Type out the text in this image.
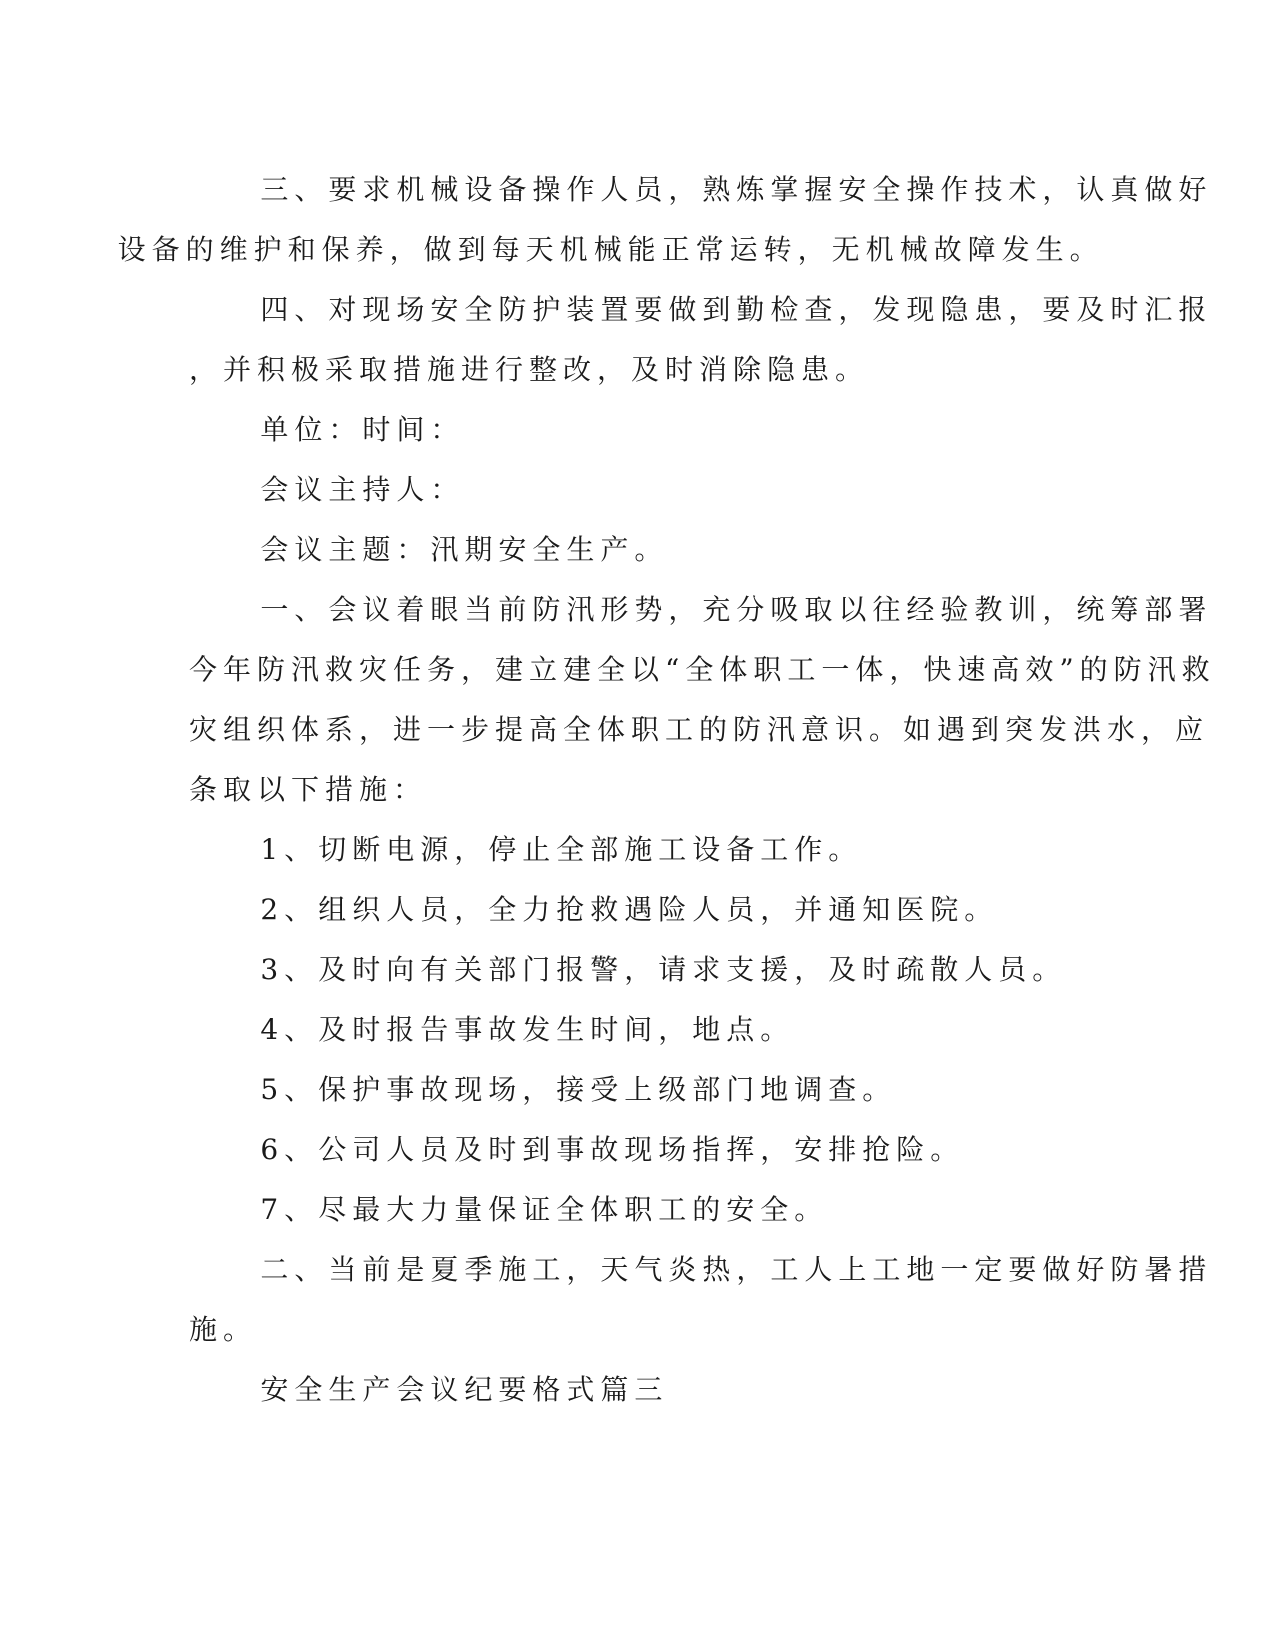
三、要求机械设备操作人员，熟炼掌握安全操作技术，认真做好
设备的维护和保养，做到每天机械能正常运转，无机械故障发生。

四、对现场安全防护装置要做到勤检查，发现隐患，要及时汇报
，并积极采取措施进行整改，及时消除隐患。

单位：时间：

会议主持人：

会议主题：汛期安全生产。

一、会议着眼当前防汛形势，充分吸取以往经验教训，统筹部署
今年防汛救灾任务，建立建全以“全体职工一体，快速高效”的防汛救
灾组织体系，进一步提高全体职工的防汛意识。如遇到突发洪水，应
条取以下措施：

1、切断电源，停止全部施工设备工作。

2、组织人员，全力抢救遇险人员，并通知医院。

3、及时向有关部门报警，请求支援，及时疏散人员。

4、及时报告事故发生时间，地点。

5、保护事故现场，接受上级部门地调查。

6、公司人员及时到事故现场指挥，安排抢险。

7、尽最大力量保证全体职工的安全。

二、当前是夏季施工，天气炎热，工人上工地一定要做好防暑措
施。

安全生产会议纪要格式篇三
